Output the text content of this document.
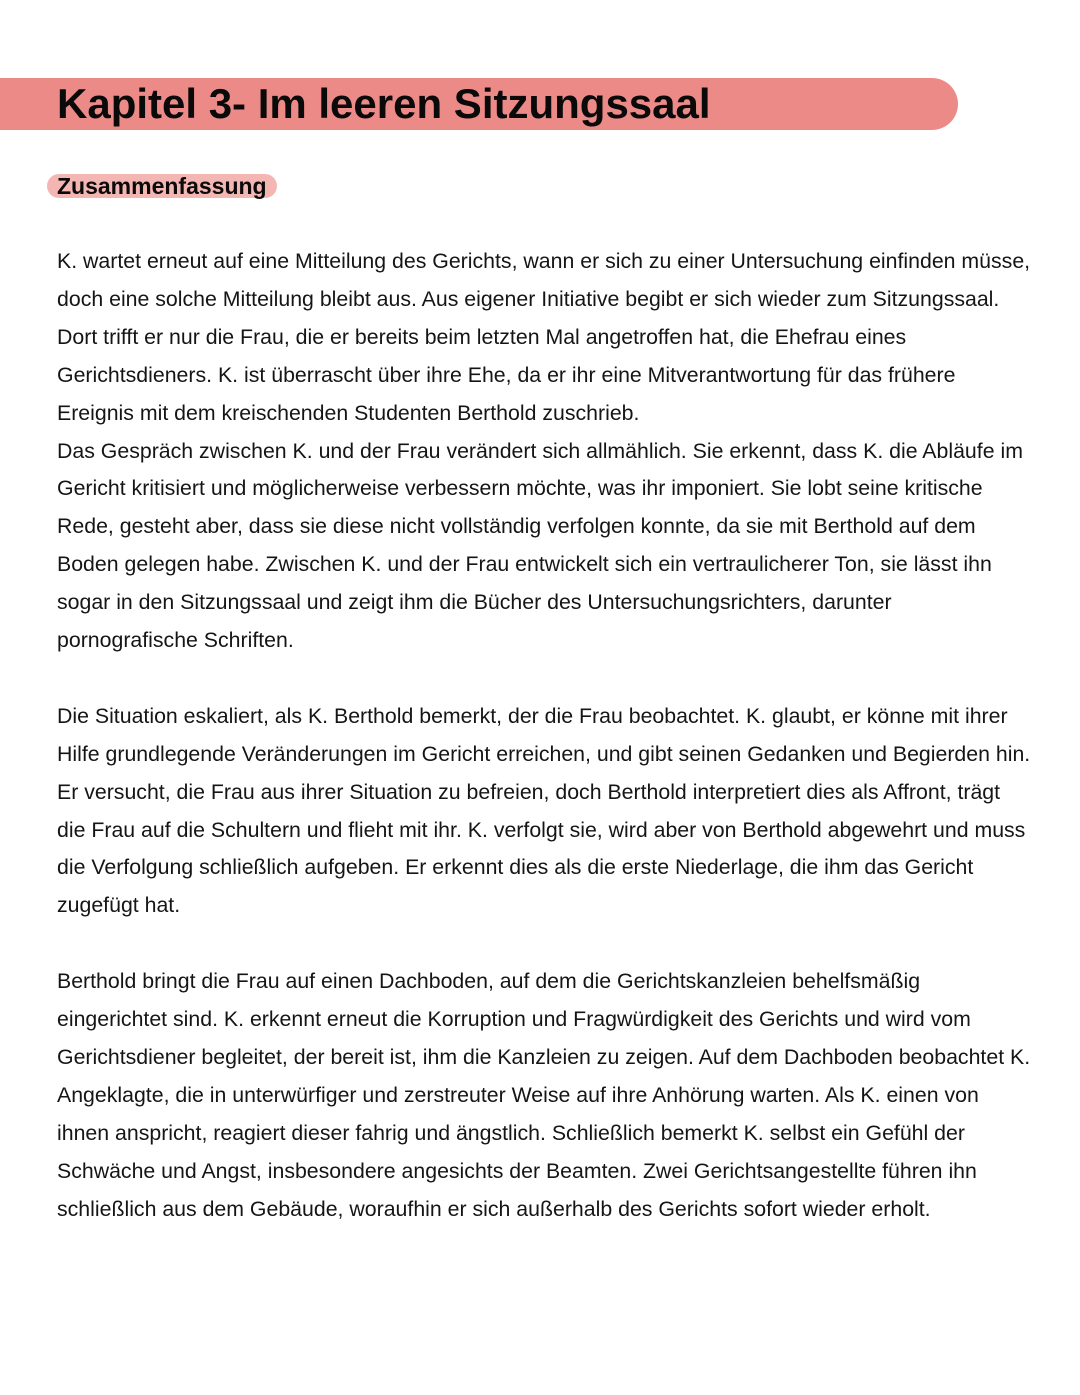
Kapitel 3- Im leeren Sitzungssaal
Zusammenfassung

K. wartet erneut auf eine Mitteilung des Gerichts, wann er sich zu einer Untersuchung einfinden müsse, doch eine solche Mitteilung bleibt aus. Aus eigener Initiative begibt er sich wieder zum Sitzungssaal. Dort trifft er nur die Frau, die er bereits beim letzten Mal angetroffen hat, die Ehefrau eines Gerichtsdieners. K. ist überrascht über ihre Ehe, da er ihr eine Mitverantwortung für das frühere Ereignis mit dem kreischenden Studenten Berthold zuschrieb.

Das Gespräch zwischen K. und der Frau verändert sich allmählich. Sie erkennt, dass K. die Abläufe im Gericht kritisiert und möglicherweise verbessern möchte, was ihr imponiert. Sie lobt seine kritische Rede, gesteht aber, dass sie diese nicht vollständig verfolgen konnte, da sie mit Berthold auf dem Boden gelegen habe. Zwischen K. und der Frau entwickelt sich ein vertraulicherer Ton, sie lässt ihn sogar in den Sitzungssaal und zeigt ihm die Bücher des Untersuchungsrichters, darunter pornografische Schriften.

Die Situation eskaliert, als K. Berthold bemerkt, der die Frau beobachtet. K. glaubt, er könne mit ihrer Hilfe grundlegende Veränderungen im Gericht erreichen, und gibt seinen Gedanken und Begierden hin. Er versucht, die Frau aus ihrer Situation zu befreien, doch Berthold interpretiert dies als Affront, trägt die Frau auf die Schultern und flieht mit ihr. K. verfolgt sie, wird aber von Berthold abgewehrt und muss die Verfolgung schließlich aufgeben. Er erkennt dies als die erste Niederlage, die ihm das Gericht zugefügt hat.

Berthold bringt die Frau auf einen Dachboden, auf dem die Gerichtskanzleien behelfsmäßig eingerichtet sind. K. erkennt erneut die Korruption und Fragwürdigkeit des Gerichts und wird vom Gerichtsdiener begleitet, der bereit ist, ihm die Kanzleien zu zeigen. Auf dem Dachboden beobachtet K. Angeklagte, die in unterwürfiger und zerstreuter Weise auf ihre Anhörung warten. Als K. einen von ihnen anspricht, reagiert dieser fahrig und ängstlich. Schließlich bemerkt K. selbst ein Gefühl der Schwäche und Angst, insbesondere angesichts der Beamten. Zwei Gerichtsangestellte führen ihn schließlich aus dem Gebäude, woraufhin er sich außerhalb des Gerichts sofort wieder erholt.
